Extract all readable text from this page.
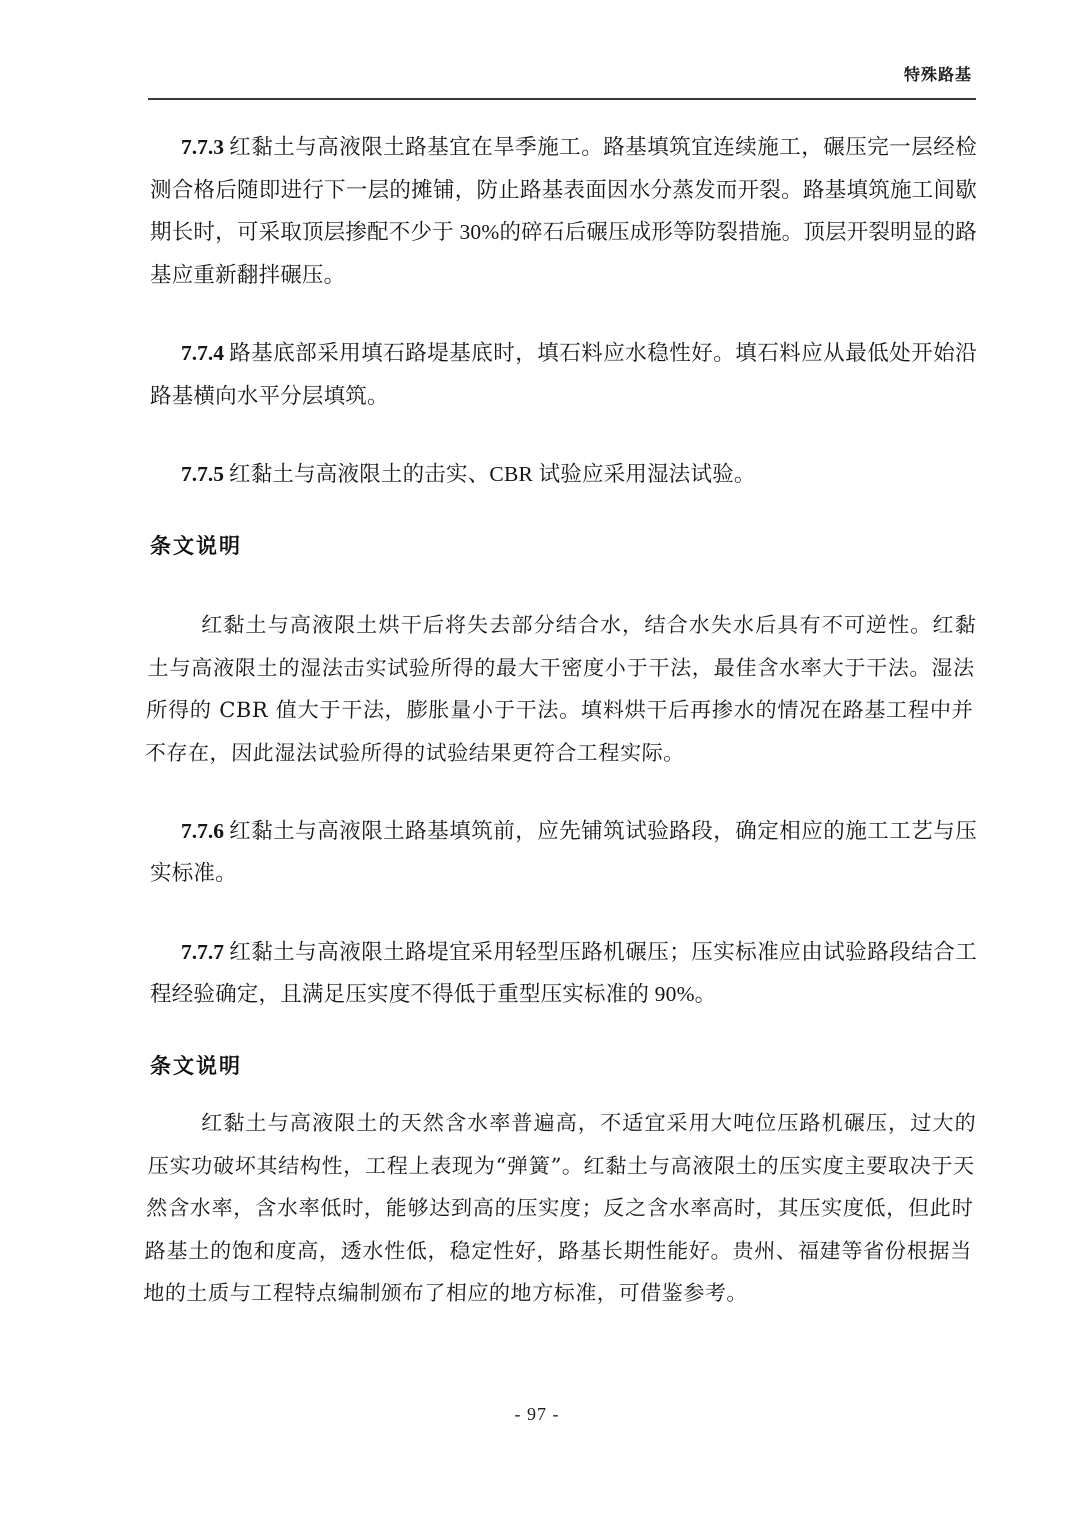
特殊路基

7.7.3 红黏土与高液限土路基宜在旱季施工。路基填筑宜连续施工，碾压完一层经检测合格后随即进行下一层的摊铺，防止路基表面因水分蒸发而开裂。路基填筑施工间歇期长时，可采取顶层掺配不少于 30%的碎石后碾压成形等防裂措施。顶层开裂明显的路基应重新翻拌碾压。

7.7.4 路基底部采用填石路堤基底时，填石料应水稳性好。填石料应从最低处开始沿路基横向水平分层填筑。

7.7.5 红黏土与高液限土的击实、CBR 试验应采用湿法试验。

条文说明

红黏土与高液限土烘干后将失去部分结合水，结合水失水后具有不可逆性。红黏土与高液限土的湿法击实试验所得的最大干密度小于干法，最佳含水率大于干法。湿法所得的 CBR 值大于干法，膨胀量小于干法。填料烘干后再掺水的情况在路基工程中并不存在，因此湿法试验所得的试验结果更符合工程实际。

7.7.6 红黏土与高液限土路基填筑前，应先铺筑试验路段，确定相应的施工工艺与压实标准。

7.7.7 红黏土与高液限土路堤宜采用轻型压路机碾压；压实标准应由试验路段结合工程经验确定，且满足压实度不得低于重型压实标准的 90%。

条文说明

红黏土与高液限土的天然含水率普遍高，不适宜采用大吨位压路机碾压，过大的压实功破坏其结构性，工程上表现为“弹簧”。红黏土与高液限土的压实度主要取决于天然含水率，含水率低时，能够达到高的压实度；反之含水率高时，其压实度低，但此时路基土的饱和度高，透水性低，稳定性好，路基长期性能好。贵州、福建等省份根据当地的土质与工程特点编制颁布了相应的地方标准，可借鉴参考。

- 97 -
